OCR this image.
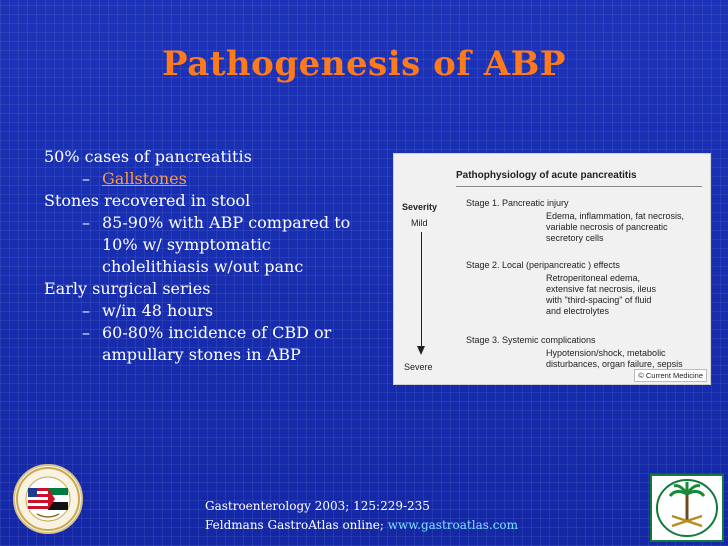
Pathogenesis of ABP

50% cases of pancreatitis

– Gallstones

Stones recovered in stool

– 85-90% with ABP compared to
10% w/ symptomatic
cholelithiasis w/out panc

Early surgical series

– w/in 48 hours

– 60-80% incidence of CBD or
ampullary stones in ABP

Pathophysiology of acute pancreatitis
Severity
Mild
Severe
Stage 1. Pancreatic injury
Edema, inflammation, fat necrosis,
variable necrosis of pancreatic
secretory cells
Stage 2. Local (peripancreatic ) effects
Retroperitoneal edema,
extensive fat necrosis, ileus
with "third-spacing" of fluid
and electrolytes
Stage 3. Systemic complications
Hypotension/shock, metabolic
disturbances, organ failure, sepsis
© Current Medicine
Gastroenterology 2003; 125:229-235
Feldmans GastroAtlas online; www.gastroatlas.com
